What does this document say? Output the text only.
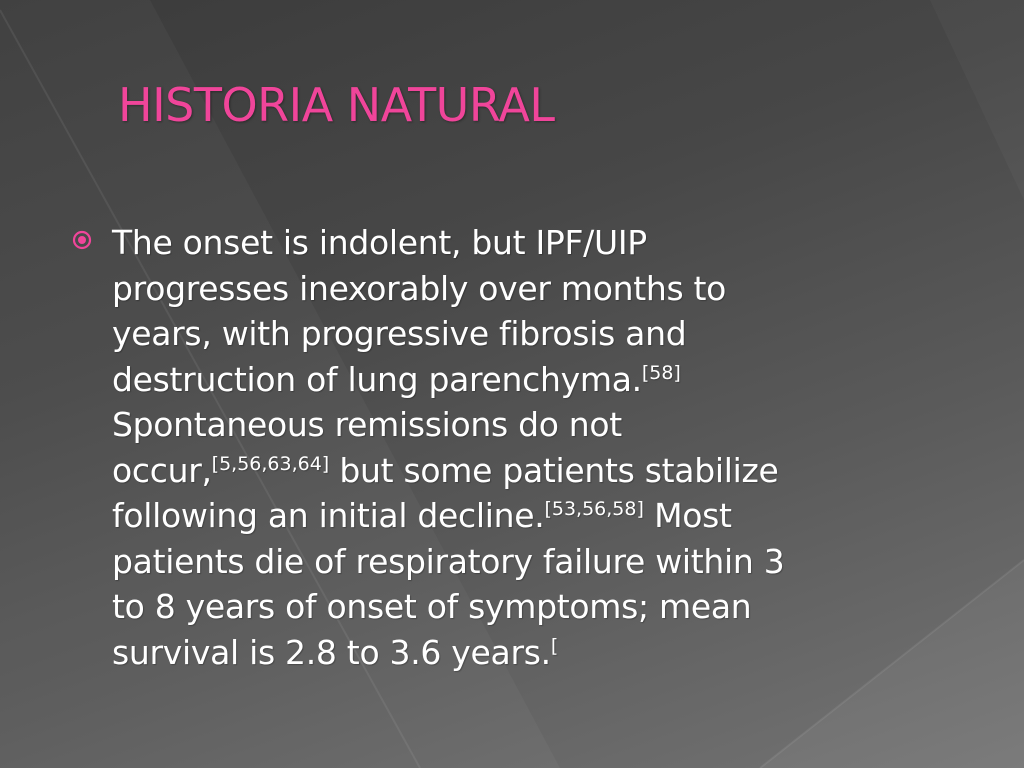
HISTORIA NATURAL

The onset is indolent, but IPF/UIP
progresses inexorably over months to
years, with progressive fibrosis and
destruction of lung parenchyma.[58]
Spontaneous remissions do not
occur,[5,56,63,64] but some patients stabilize
following an initial decline.[53,56,58] Most
patients die of respiratory failure within 3
to 8 years of onset of symptoms; mean
survival is 2.8 to 3.6 years.[
